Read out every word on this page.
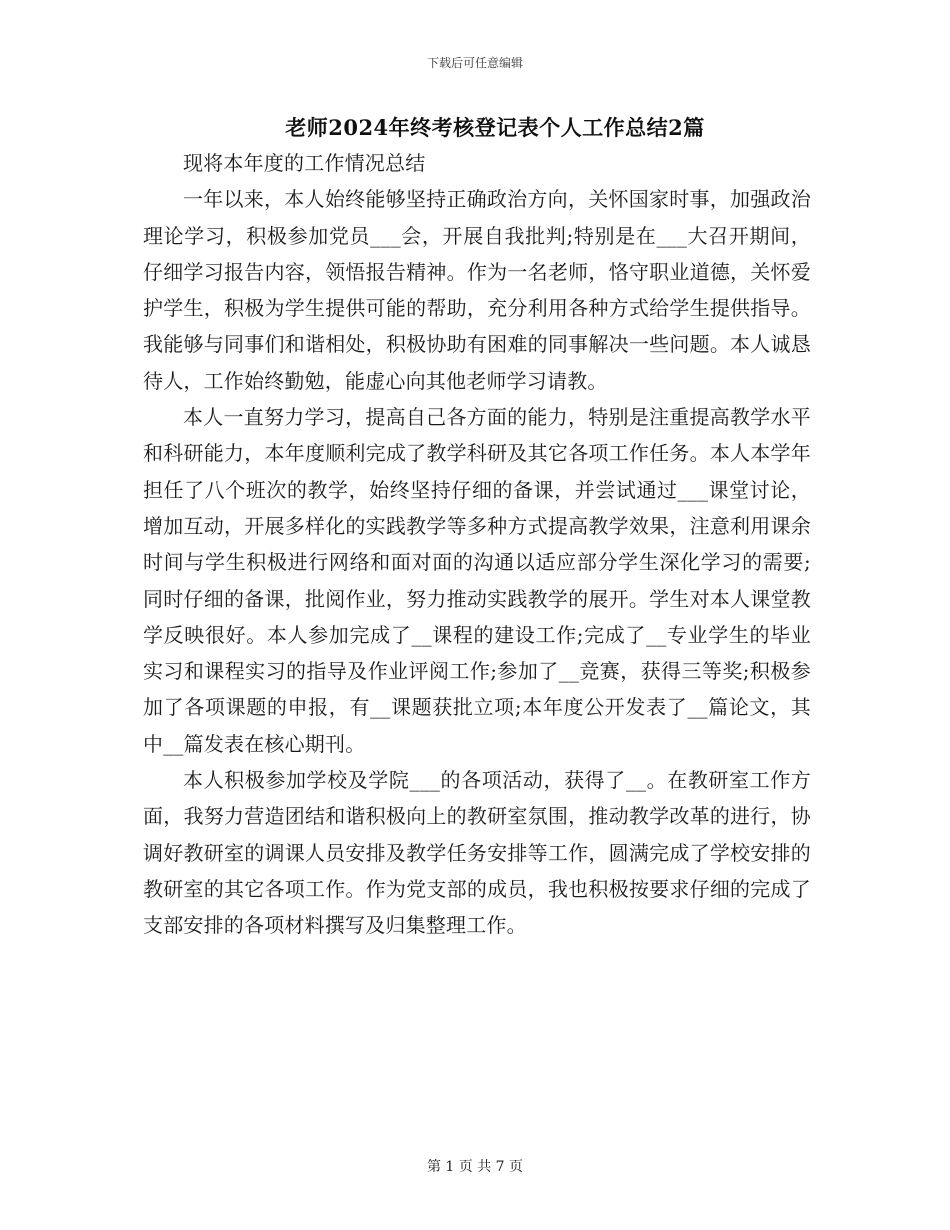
下载后可任意编辑
老师2024年终考核登记表个人工作总结2篇

现将本年度的工作情况总结

一年以来，本人始终能够坚持正确政治方向，关怀国家时事，加强政治理论学习，积极参加党员___会，开展自我批判;特别是在___大召开期间，仔细学习报告内容，领悟报告精神。作为一名老师，恪守职业道德，关怀爱护学生，积极为学生提供可能的帮助，充分利用各种方式给学生提供指导。我能够与同事们和谐相处，积极协助有困难的同事解决一些问题。本人诚恳待人，工作始终勤勉，能虚心向其他老师学习请教。

本人一直努力学习，提高自己各方面的能力，特别是注重提高教学水平和科研能力，本年度顺利完成了教学科研及其它各项工作任务。本人本学年担任了八个班次的教学，始终坚持仔细的备课，并尝试通过___课堂讨论，增加互动，开展多样化的实践教学等多种方式提高教学效果，注意利用课余时间与学生积极进行网络和面对面的沟通以适应部分学生深化学习的需要;同时仔细的备课，批阅作业，努力推动实践教学的展开。学生对本人课堂教学反映很好。本人参加完成了__课程的建设工作;完成了__专业学生的毕业实习和课程实习的指导及作业评阅工作;参加了__竞赛，获得三等奖;积极参加了各项课题的申报，有__课题获批立项;本年度公开发表了__篇论文，其中__篇发表在核心期刊。

本人积极参加学校及学院___的各项活动，获得了__。在教研室工作方面，我努力营造团结和谐积极向上的教研室氛围，推动教学改革的进行，协调好教研室的调课人员安排及教学任务安排等工作，圆满完成了学校安排的教研室的其它各项工作。作为党支部的成员，我也积极按要求仔细的完成了支部安排的各项材料撰写及归集整理工作。

第 1 页 共 7 页
